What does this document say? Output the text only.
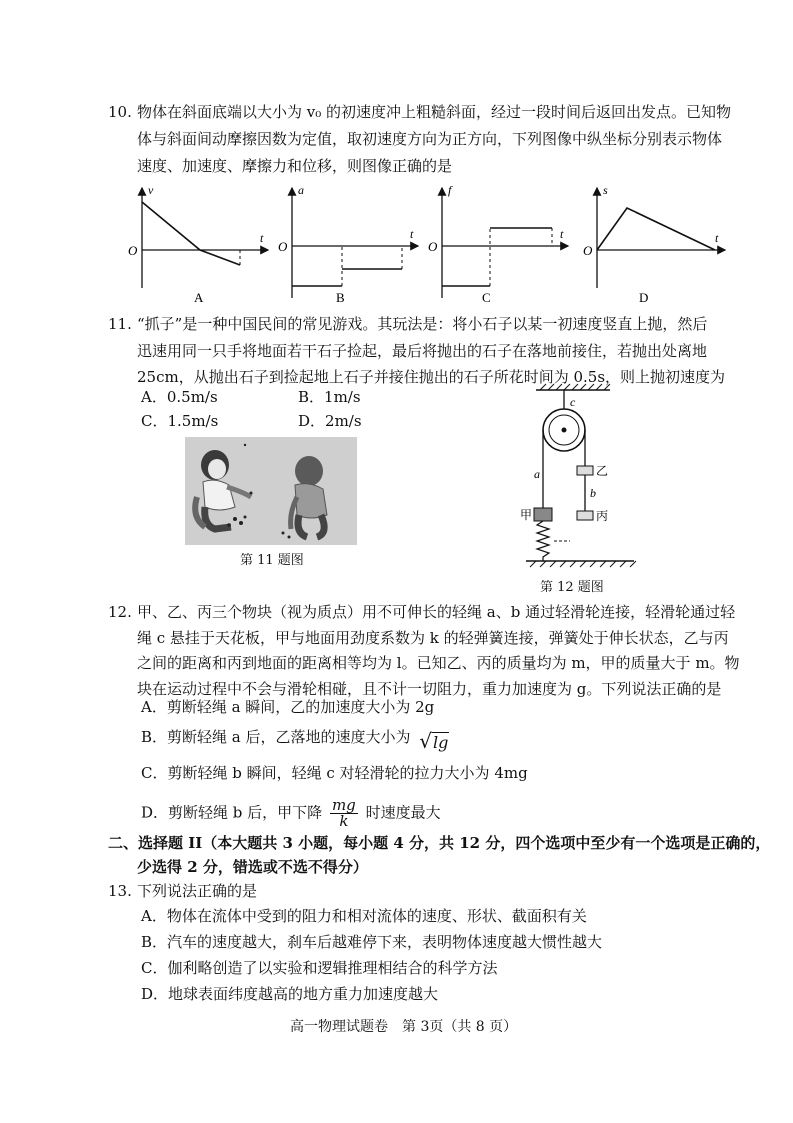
10. 物体在斜面底端以大小为 v₀ 的初速度冲上粗糙斜面，经过一段时间后返回出发点。已知物
体与斜面间动摩擦因数为定值，取初速度方向为正方向，下列图像中纵坐标分别表示物体
速度、加速度、摩擦力和位移，则图像正确的是
v
t
O
A
a
t
O
B
f
t
O
C
s
t
O
D
11. “抓子”是一种中国民间的常见游戏。其玩法是：将小石子以某一初速度竖直上抛，然后
迅速用同一只手将地面若干石子捡起，最后将抛出的石子在落地前接住，若抛出处离地
25cm，从抛出石子到捡起地上石子并接住抛出的石子所花时间为 0.5s，则上抛初速度为
A．0.5m/s	B．1m/s
C．1.5m/s	D．2m/s
第 11 题图
c
a	乙
b
甲	丙
第 12 题图
12. 甲、乙、丙三个物块（视为质点）用不可伸长的轻绳 a、b 通过轻滑轮连接，轻滑轮通过轻
绳 c 悬挂于天花板，甲与地面用劲度系数为 k 的轻弹簧连接，弹簧处于伸长状态，乙与丙
之间的距离和丙到地面的距离相等均为 l。已知乙、丙的质量均为 m，甲的质量大于 m。物
块在运动过程中不会与滑轮相碰，且不计一切阻力，重力加速度为 g。下列说法正确的是
A．剪断轻绳 a 瞬间，乙的加速度大小为 2g
B．剪断轻绳 a 后，乙落地的速度大小为 √lg
C．剪断轻绳 b 瞬间，轻绳 c 对轻滑轮的拉力大小为 4mg
D．剪断轻绳 b 后，甲下降 $\frac{mg}{k}$ 时速度最大
二、选择题 II（本大题共 3 小题，每小题 4 分，共 12 分，四个选项中至少有一个选项是正确的，
少选得 2 分，错选或不选不得分）
13. 下列说法正确的是
A．物体在流体中受到的阻力和相对流体的速度、形状、截面积有关
B．汽车的速度越大，刹车后越难停下来，表明物体速度越大惯性越大
C．伽利略创造了以实验和逻辑推理相结合的科学方法
D．地球表面纬度越高的地方重力加速度越大
高一物理试题卷　第 3页（共 8 页）
